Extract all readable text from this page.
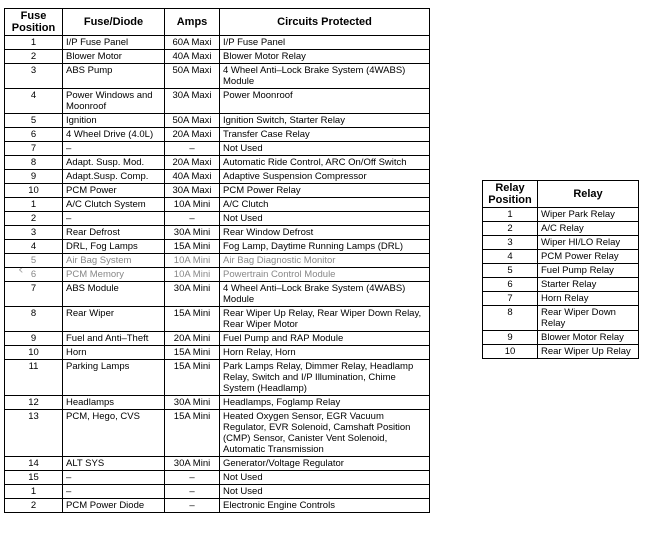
‹
Fuse Position	Fuse/Diode	Amps	Circuits Protected
1	I/P Fuse Panel	60A Maxi	I/P Fuse Panel
2	Blower Motor	40A Maxi	Blower Motor Relay
3	ABS Pump	50A Maxi	4 Wheel Anti–Lock Brake System (4WABS) Module
4	Power Windows and Moonroof	30A Maxi	Power Moonroof
5	Ignition	50A Maxi	Ignition Switch, Starter Relay
6	4 Wheel Drive (4.0L)	20A Maxi	Transfer Case Relay
7	–	–	Not Used
8	Adapt. Susp. Mod.	20A Maxi	Automatic Ride Control, ARC On/Off Switch
9	Adapt.Susp. Comp.	40A Maxi	Adaptive Suspension Compressor
10	PCM Power	30A Maxi	PCM Power Relay
1	A/C Clutch System	10A Mini	A/C Clutch
2	–	–	Not Used
3	Rear Defrost	30A Mini	Rear Window Defrost
4	DRL, Fog Lamps	15A Mini	Fog Lamp, Daytime Running Lamps (DRL)
5	Air Bag System	10A Mini	Air Bag Diagnostic Monitor
6	PCM Memory	10A Mini	Powertrain Control Module
7	ABS Module	30A Mini	4 Wheel Anti–Lock Brake System (4WABS) Module
8	Rear Wiper	15A Mini	Rear Wiper Up Relay, Rear Wiper Down Relay, Rear Wiper Motor
9	Fuel and Anti–Theft	20A Mini	Fuel Pump and RAP Module
10	Horn	15A Mini	Horn Relay, Horn
11	Parking Lamps	15A Mini	Park Lamps Relay, Dimmer Relay, Headlamp Relay, Switch and I/P Illumination, Chime System (Headlamp)
12	Headlamps	30A Mini	Headlamps, Foglamp Relay
13	PCM, Hego, CVS	15A Mini	Heated Oxygen Sensor, EGR Vacuum Regulator, EVR Solenoid, Camshaft Position (CMP) Sensor, Canister Vent Solenoid, Automatic Transmission
14	ALT SYS	30A Mini	Generator/Voltage Regulator
15	–	–	Not Used
1	–	–	Not Used
2	PCM Power Diode	–	Electronic Engine Controls
Relay Position	Relay
1	Wiper Park Relay
2	A/C Relay
3	Wiper HI/LO Relay
4	PCM Power Relay
5	Fuel Pump Relay
6	Starter Relay
7	Horn Relay
8	Rear Wiper Down Relay
9	Blower Motor Relay
10	Rear Wiper Up Relay
